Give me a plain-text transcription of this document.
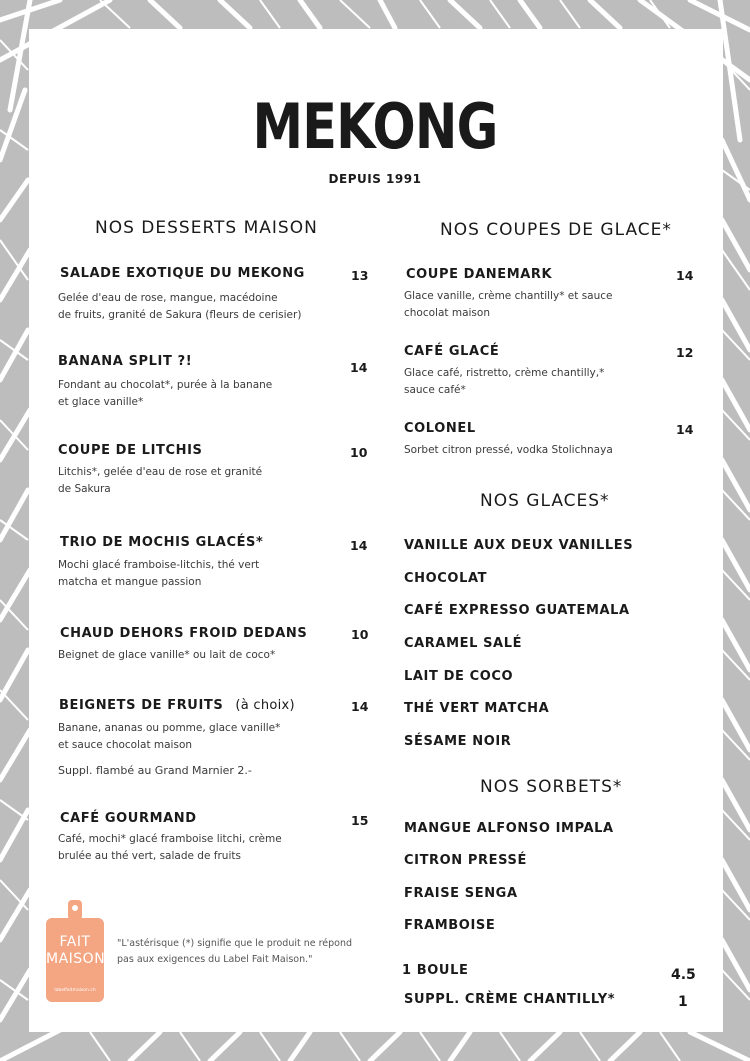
MEKONG
DEPUIS 1991
NOS DESSERTS MAISON
SALADE EXOTIQUE DU MEKONG	13
Gelée d'eau de rose, mangue, macédoine
de fruits, granité de Sakura (fleurs de cerisier)
BANANA SPLIT ?!	14
Fondant au chocolat*, purée à la banane
et glace vanille*
COUPE DE LITCHIS	10
Litchis*, gelée d'eau de rose et granité
de Sakura
TRIO DE MOCHIS GLACÉS*	14
Mochi glacé framboise-litchis, thé vert
matcha et mangue passion
CHAUD DEHORS FROID DEDANS	10
Beignet de glace vanille* ou lait de coco*
BEIGNETS DE FRUITS (à choix)	14
Banane, ananas ou pomme, glace vanille*
et sauce chocolat maison
Suppl. flambé au Grand Marnier 2.-
CAFÉ GOURMAND	15
Café, mochi* glacé framboise litchi, crème
brulée au thé vert, salade de fruits
FAIT
MAISON
labelfaitmaison.ch
"L'astérisque (*) signifie que le produit ne répond pas aux exigences du Label Fait Maison."
NOS COUPES DE GLACE*
COUPE DANEMARK	14
Glace vanille, crème chantilly* et sauce
chocolat maison
CAFÉ GLACÉ	12
Glace café, ristretto, crème chantilly,*
sauce café*
COLONEL	14
Sorbet citron pressé, vodka Stolichnaya
NOS GLACES*
VANILLE AUX DEUX VANILLES
CHOCOLAT
CAFÉ EXPRESSO GUATEMALA
CARAMEL SALÉ
LAIT DE COCO
THÉ VERT MATCHA
SÉSAME NOIR
NOS SORBETS*
MANGUE ALFONSO IMPALA
CITRON PRESSÉ
FRAISE SENGA
FRAMBOISE
1 BOULE	4.5
SUPPL. CRÈME CHANTILLY*	1
